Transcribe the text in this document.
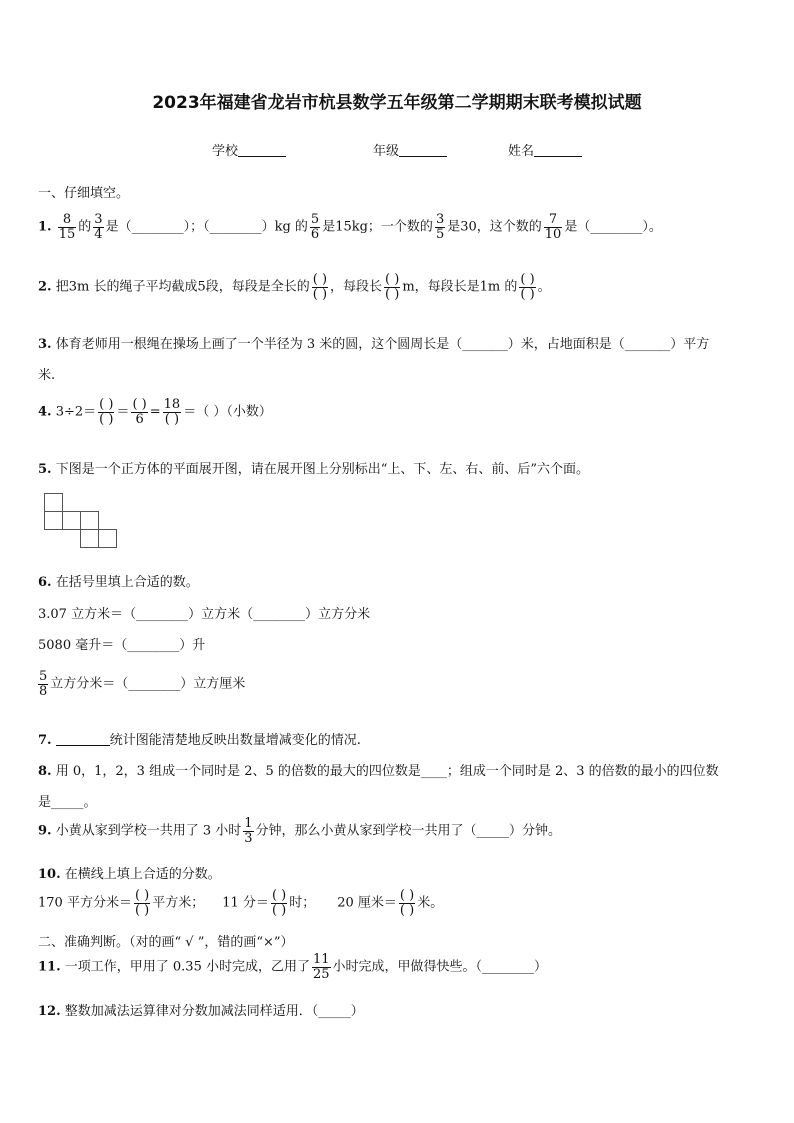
2023年福建省龙岩市杭县数学五年级第二学期期末联考模拟试题
学校	年级	姓名
一、仔细填空。
1. $\frac{8}{15}$ 的 $\frac{3}{4}$ 是（________）；（________）kg 的 $\frac{5}{6}$ 是15kg；一个数的 $\frac{3}{5}$ 是30，这个数的 $\frac{7}{10}$ 是（________）。
2. 把3m 长的绳子平均截成5段，每段是全长的 $\frac{( )}{( )}$ ，每段长 $\frac{( )}{( )}$ m，每段长是1m 的 $\frac{( )}{( )}$ 。
3. 体育老师用一根绳在操场上画了一个半径为 3 米的圆，这个圆周长是（_______）米，占地面积是（_______）平方
米.
4. $3\div 2= \frac{( )}{( )} = \frac{( )}{6} = \frac{18}{( )}$ ＝（ ）（小数）
5. 下图是一个正方体的平面展开图，请在展开图上分别标出“上、下、左、右、前、后”六个面。
6. 在括号里填上合适的数。
3.07 立方米＝（________）立方米（________）立方分米
5080 毫升＝（________）升
$\frac{5}{8}$ 立方分米＝（________）立方厘米
7.	统计图能清楚地反映出数量增减变化的情况.
8. 用 0，1，2，3 组成一个同时是 2、5 的倍数的最大的四位数是____；组成一个同时是 2、3 的倍数的最小的四位数
是_____。
9. 小黄从家到学校一共用了 3 小时 $\frac{1}{3}$ 分钟，那么小黄从家到学校一共用了（_____）分钟。
10. 在横线上填上合适的分数。
170 平方分米＝ $\frac{( )}{( )}$ 平方米； 11 分＝ $\frac{( )}{( )}$ 时； 20 厘米＝ $\frac{( )}{( )}$ 米。
二、准确判断。（对的画“ √ ”，错的画“×”）
11. 一项工作，甲用了 0.35 小时完成，乙用了 $\frac{11}{25}$ 小时完成，甲做得快些。（________）
12. 整数加减法运算律对分数加减法同样适用．（_____）
